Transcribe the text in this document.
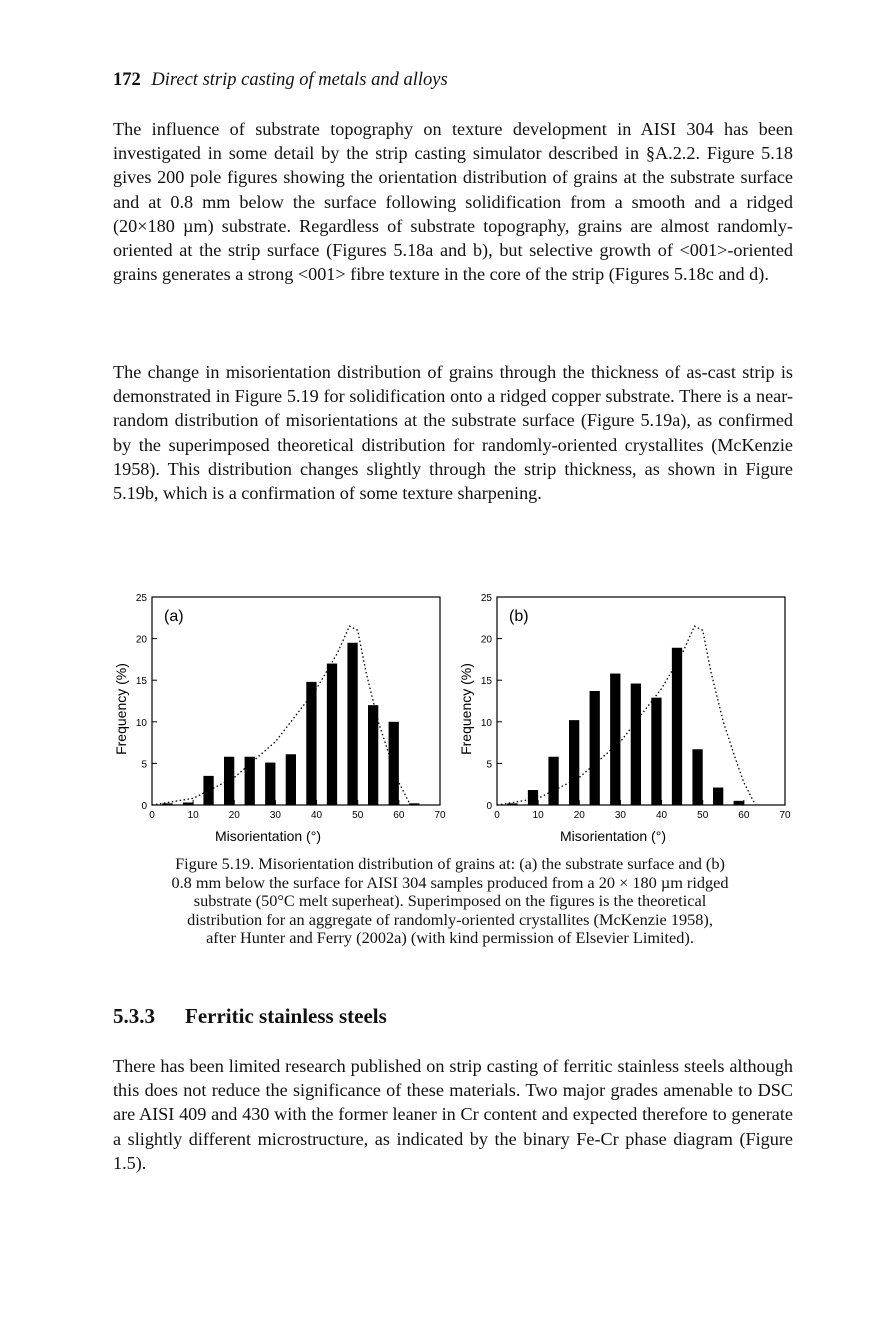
172 Direct strip casting of metals and alloys

The influence of substrate topography on texture development in AISI 304 has been investigated in some detail by the strip casting simulator described in §A.2.2. Figure 5.18 gives 200 pole figures showing the orientation distribution of grains at the substrate surface and at 0.8 mm below the surface following solidification from a smooth and a ridged (20×180 µm) substrate. Regardless of substrate topography, grains are almost randomly-oriented at the strip surface (Figures 5.18a and b), but selective growth of <001>-oriented grains generates a strong <001> fibre texture in the core of the strip (Figures 5.18c and d).

The change in misorientation distribution of grains through the thickness of as-cast strip is demonstrated in Figure 5.19 for solidification onto a ridged copper substrate. There is a near-random distribution of misorientations at the substrate surface (Figure 5.19a), as confirmed by the superimposed theoretical distribution for randomly-oriented crystallites (McKenzie 1958). This distribution changes slightly through the strip thickness, as shown in Figure 5.19b, which is a confirmation of some texture sharpening.

0
5
10
15
20
25
0	10	20	30	40	50	60	70
(a)
Misorientation (°)
Frequency (%)
0
5
10
15
20
25
0	10	20	30	40	50	60	70
(b)
Misorientation (°)
Frequency (%)
Figure 5.19. Misorientation distribution of grains at: (a) the substrate surface and (b)
0.8 mm below the surface for AISI 304 samples produced from a 20 × 180 µm ridged
substrate (50°C melt superheat). Superimposed on the figures is the theoretical
distribution for an aggregate of randomly-oriented crystallites (McKenzie 1958),
after Hunter and Ferry (2002a) (with kind permission of Elsevier Limited).
5.3.3 Ferritic stainless steels

There has been limited research published on strip casting of ferritic stainless steels although this does not reduce the significance of these materials. Two major grades amenable to DSC are AISI 409 and 430 with the former leaner in Cr content and expected therefore to generate a slightly different microstructure, as indicated by the binary Fe-Cr phase diagram (Figure 1.5).
